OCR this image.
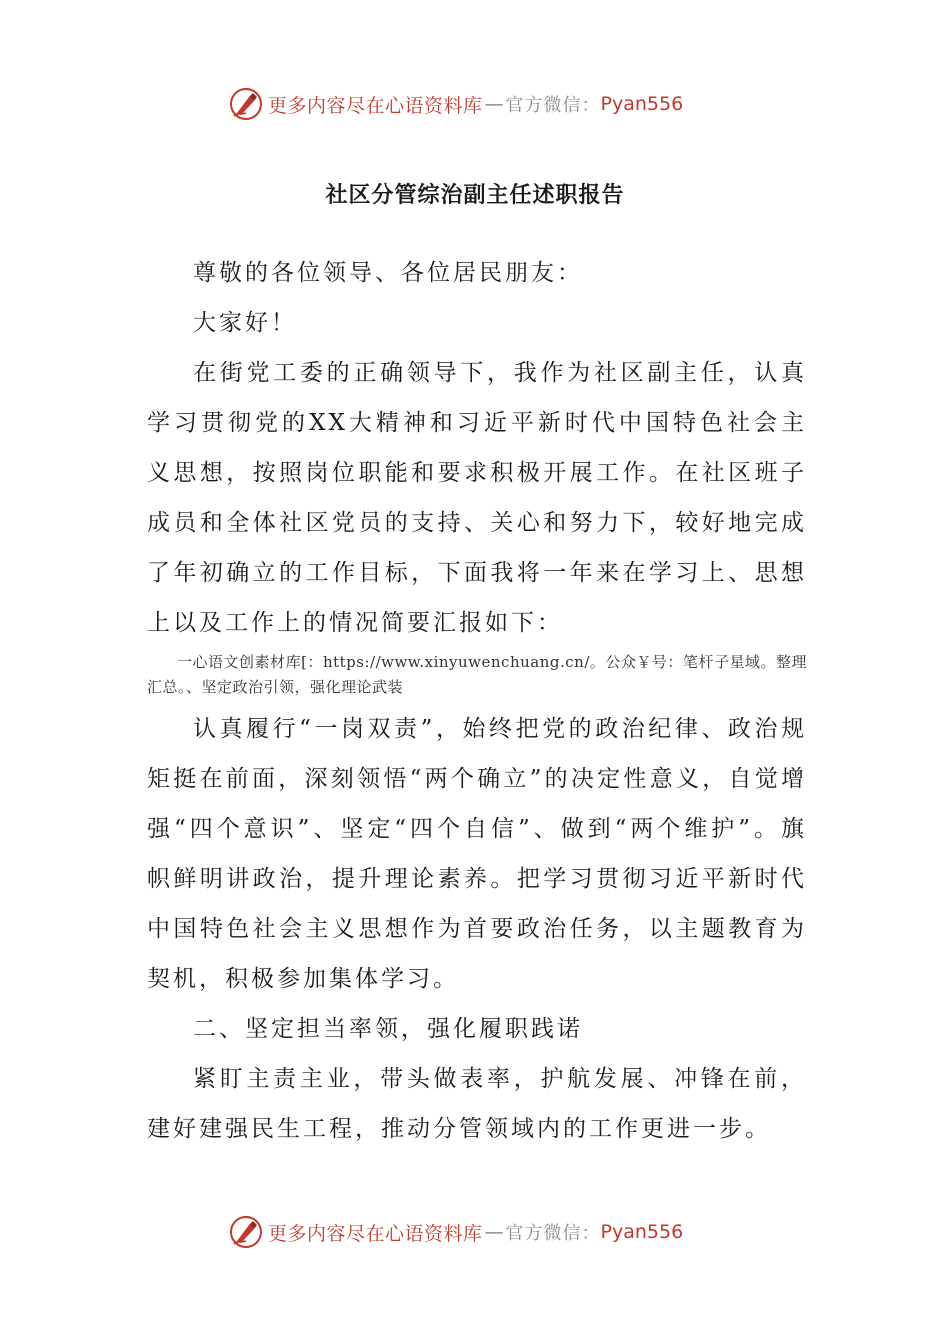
更多内容尽在心语资料库 — 官方微信： Pyan556
社区分管综治副主任述职报告

尊敬的各位领导、各位居民朋友：

大家好！

在街党工委的正确领导下，我作为社区副主任，认真学习贯彻党的XX大精神和习近平新时代中国特色社会主义思想，按照岗位职能和要求积极开展工作。在社区班子成员和全体社区党员的支持、关心和努力下，较好地完成了年初确立的工作目标，下面我将一年来在学习上、思想上以及工作上的情况简要汇报如下：

一心语文创素材库[：https://www.xinyuwenchuang.cn/。公众￥号：笔杆子星域。整理汇总。、坚定政治引领，强化理论武装

认真履行“一岗双责”，始终把党的政治纪律、政治规矩挺在前面，深刻领悟“两个确立”的决定性意义，自觉增强“四个意识”、坚定“四个自信”、做到“两个维护”。旗帜鲜明讲政治，提升理论素养。把学习贯彻习近平新时代中国特色社会主义思想作为首要政治任务，以主题教育为契机，积极参加集体学习。

二、坚定担当率领，强化履职践诺

紧盯主责主业，带头做表率，护航发展、冲锋在前，建好建强民生工程，推动分管领域内的工作更进一步。

更多内容尽在心语资料库 — 官方微信： Pyan556
